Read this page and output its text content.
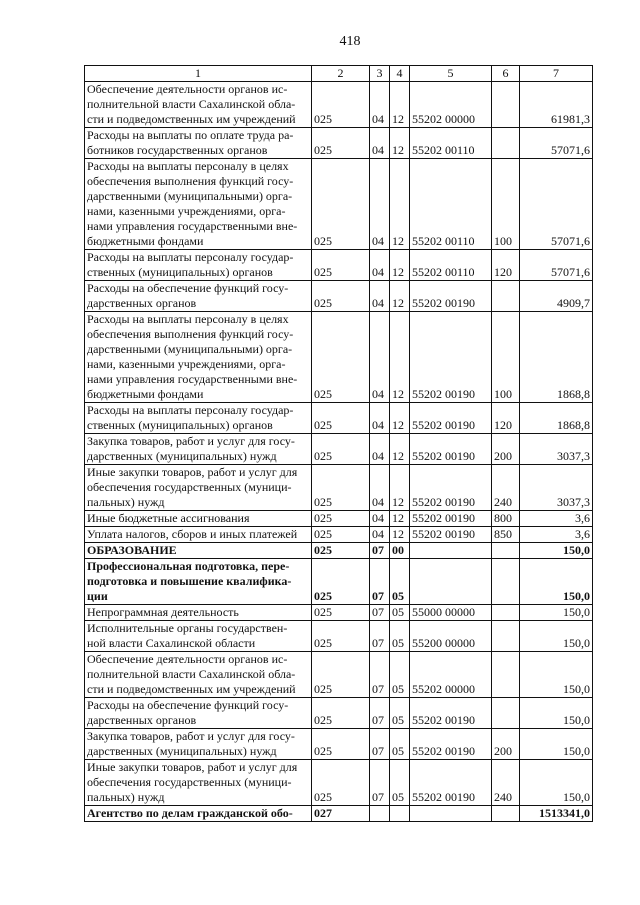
418
1	2	3	4	5	6	7
Обеспечение деятельности органов ис- полнительной власти Сахалинской обла- сти и подведомственных им учреждений	025	04	12	55202 00000		61981,3
Расходы на выплаты по оплате труда ра- ботников государственных органов	025	04	12	55202 00110		57071,6
Расходы на выплаты персоналу в целях обеспечения выполнения функций госу- дарственными (муниципальными) орга- нами, казенными учреждениями, орга- нами управления государственными вне- бюджетными фондами	025	04	12	55202 00110	100	57071,6
Расходы на выплаты персоналу государ- ственных (муниципальных) органов	025	04	12	55202 00110	120	57071,6
Расходы на обеспечение функций госу- дарственных органов	025	04	12	55202 00190		4909,7
Расходы на выплаты персоналу в целях обеспечения выполнения функций госу- дарственными (муниципальными) орга- нами, казенными учреждениями, орга- нами управления государственными вне- бюджетными фондами	025	04	12	55202 00190	100	1868,8
Расходы на выплаты персоналу государ- ственных (муниципальных) органов	025	04	12	55202 00190	120	1868,8
Закупка товаров, работ и услуг для госу- дарственных (муниципальных) нужд	025	04	12	55202 00190	200	3037,3
Иные закупки товаров, работ и услуг для обеспечения государственных (муници- пальных) нужд	025	04	12	55202 00190	240	3037,3
Иные бюджетные ассигнования	025	04	12	55202 00190	800	3,6
Уплата налогов, сборов и иных платежей	025	04	12	55202 00190	850	3,6
ОБРАЗОВАНИЕ	025	07	00			150,0
Профессиональная подготовка, пере- подготовка и повышение квалифика- ции	025	07	05			150,0
Непрограммная деятельность	025	07	05	55000 00000		150,0
Исполнительные органы государствен- ной власти Сахалинской области	025	07	05	55200 00000		150,0
Обеспечение деятельности органов ис- полнительной власти Сахалинской обла- сти и подведомственных им учреждений	025	07	05	55202 00000		150,0
Расходы на обеспечение функций госу- дарственных органов	025	07	05	55202 00190		150,0
Закупка товаров, работ и услуг для госу- дарственных (муниципальных) нужд	025	07	05	55202 00190	200	150,0
Иные закупки товаров, работ и услуг для обеспечения государственных (муници- пальных) нужд	025	07	05	55202 00190	240	150,0
Агентство по делам гражданской обо-	027					1513341,0
